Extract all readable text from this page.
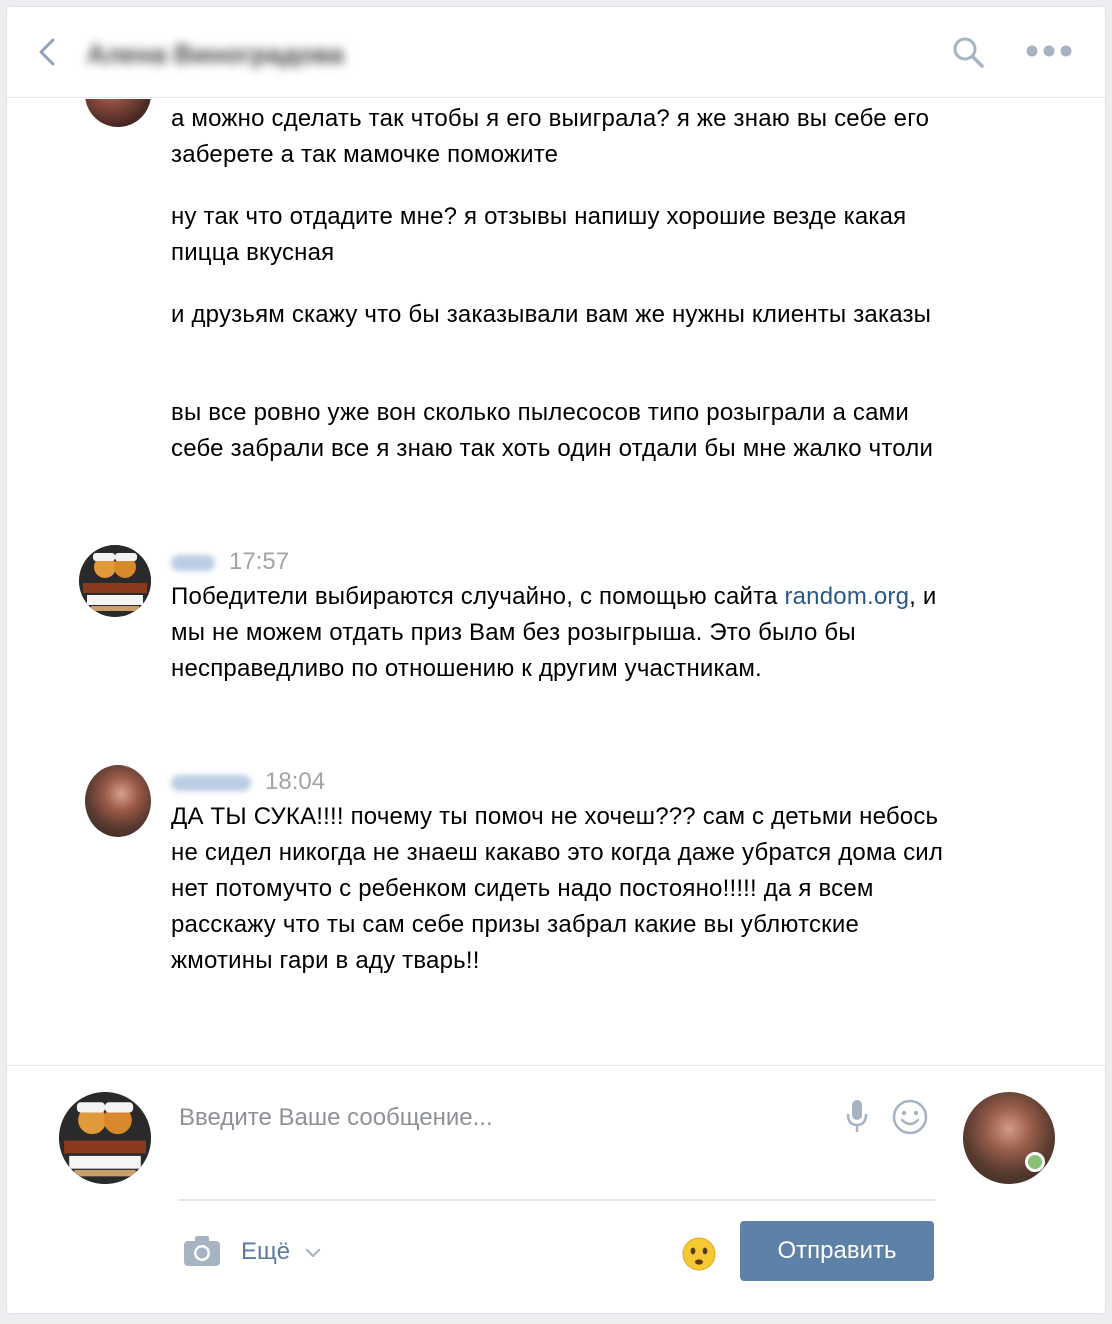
Алена Виноградова
а можно сделать так чтобы я его выиграла? я же знаю вы себе его заберете а так мамочке поможите
ну так что отдадите мне? я отзывы напишу хорошие везде какая пицца вкусная
и друзьям скажу что бы заказывали вам же нужны клиенты заказы
вы все ровно уже вон сколько пылесосов типо розыграли а сами себе забрали все я знаю так хоть один отдали бы мне жалко чтоли
17:57
Победители выбираются случайно, с помощью сайта random.org, и мы не можем отдать приз Вам без розыгрыша. Это было бы несправедливо по отношению к другим участникам.
18:04
ДА ТЫ СУКА!!!! почему ты помоч не хочеш??? сам с детьми небось не сидел никогда не знаеш какаво это когда даже убратся дома сил нет потомучто с ребенком сидеть надо постояно!!!!! да я всем расскажу что ты сам себе призы забрал какие вы ублютские жмотины гари в аду тварь!!
Введите Ваше сообщение...
Ещё	Отправить
